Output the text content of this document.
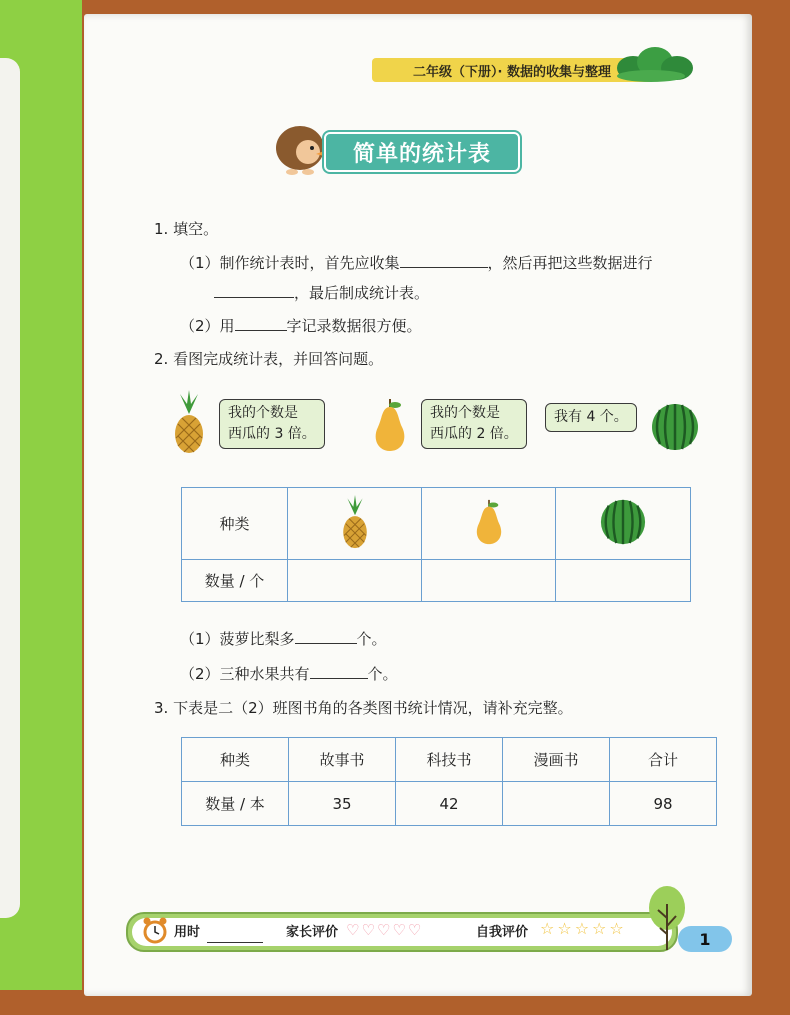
二年级（下册）· 数据的收集与整理
简单的统计表
1. 填空。
（1）制作统计表时，首先应收集	，然后再把这些数据进行
，最后制成统计表。
（2）用	字记录数据很方便。
2. 看图完成统计表，并回答问题。
我的个数是
西瓜的 3 倍。
我的个数是
西瓜的 2 倍。
我有 4 个。
种类			
数量 / 个			
（1）菠萝比梨多	个。
（2）三种水果共有	个。
3. 下表是二（2）班图书角的各类图书统计情况，请补充完整。
种类	故事书	科技书	漫画书	合计
数量 / 本	35	42		98
用时	家长评价 ♡♡♡♡♡	自我评价 ☆☆☆☆☆
1
